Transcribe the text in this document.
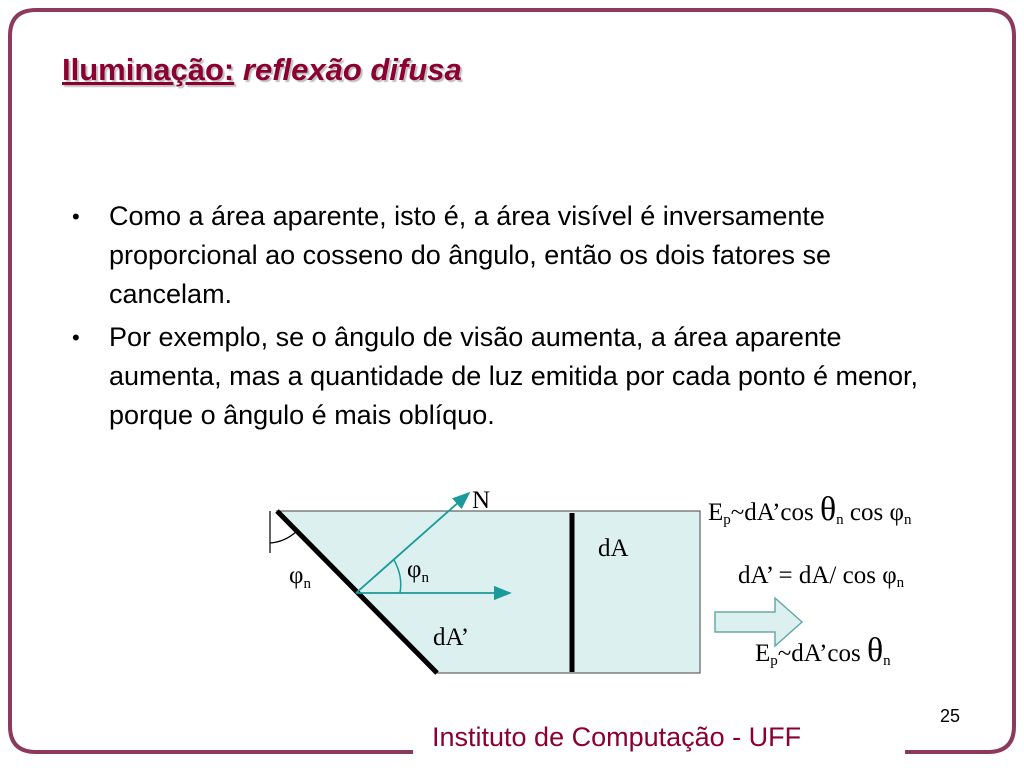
Iluminação: reflexão difusa
• Como a área aparente, isto é, a área visível é inversamente proporcional ao cosseno do ângulo, então os dois fatores se cancelam.
• Por exemplo, se o ângulo de visão aumenta, a área aparente aumenta, mas a quantidade de luz emitida por cada ponto é menor, porque o ângulo é mais oblíquo.
N
dA
dA’
$\varphi_n$
$\varphi_n$
$E_p\sim dA’\cos$ $\theta_n$ $\cos \varphi_n$
dA’ = dA/ $\cos \varphi_n$
$E_p\sim dA’\cos$ $\theta_n$
25
Instituto de Computação - UFF
